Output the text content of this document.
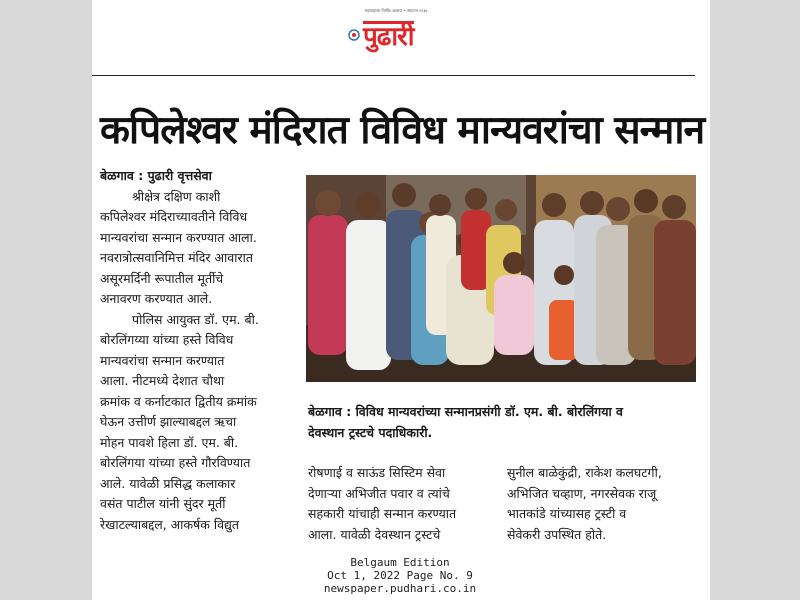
महाराष्ट्राचा निर्भीड आवाज • स्थापना १९३७
पुढारी
कपिलेश्वर मंदिरात विविध मान्यवरांचा सन्मान

बेळगाव : पुढारी वृत्तसेवा

श्रीक्षेत्र दक्षिण काशी

कपिलेश्वर मंदिराच्यावतीने विविध

मान्यवरांचा सन्मान करण्यात आला.

नवरात्रोत्सवानिमित्त मंदिर आवारात

असूरमर्दिनी रूपातील मूर्तीचे

अनावरण करण्यात आले.

पोलिस आयुक्त डॉ. एम. बी.

बोरलिंगय्या यांच्या हस्ते विविध

मान्यवरांचा सन्मान करण्यात

आला. नीटमध्ये देशात चौथा

क्रमांक व कर्नाटकात द्वितीय क्रमांक

घेऊन उत्तीर्ण झाल्याबद्दल ऋचा

मोहन पावशे हिला डॉ. एम. बी.

बोरलिंगया यांच्या हस्ते गौरविण्यात

आले. यावेळी प्रसिद्ध कलाकार

वसंत पाटील यांनी सुंदर मूर्ती

रेखाटल्याबद्दल, आकर्षक विद्युत

बेळगाव : विविध मान्यवरांच्या सन्मानप्रसंगी डॉ. एम. बी. बोरलिंगया व
देवस्थान ट्रस्टचे पदाधिकारी.
रोषणाई व साऊंड सिस्टिम सेवा
देणाऱ्या अभिजीत पवार व त्यांचे
सहकारी यांचाही सन्मान करण्यात
आला. यावेळी देवस्थान ट्रस्टचे
सुनील बाळेकुंद्री, राकेश कलघटगी,
अभिजित चव्हाण, नगरसेवक राजू
भातकांडे यांच्यासह ट्रस्टी व
सेवेकरी उपस्थित होते.
Belgaum Edition
Oct 1, 2022 Page No. 9
newspaper.pudhari.co.in
